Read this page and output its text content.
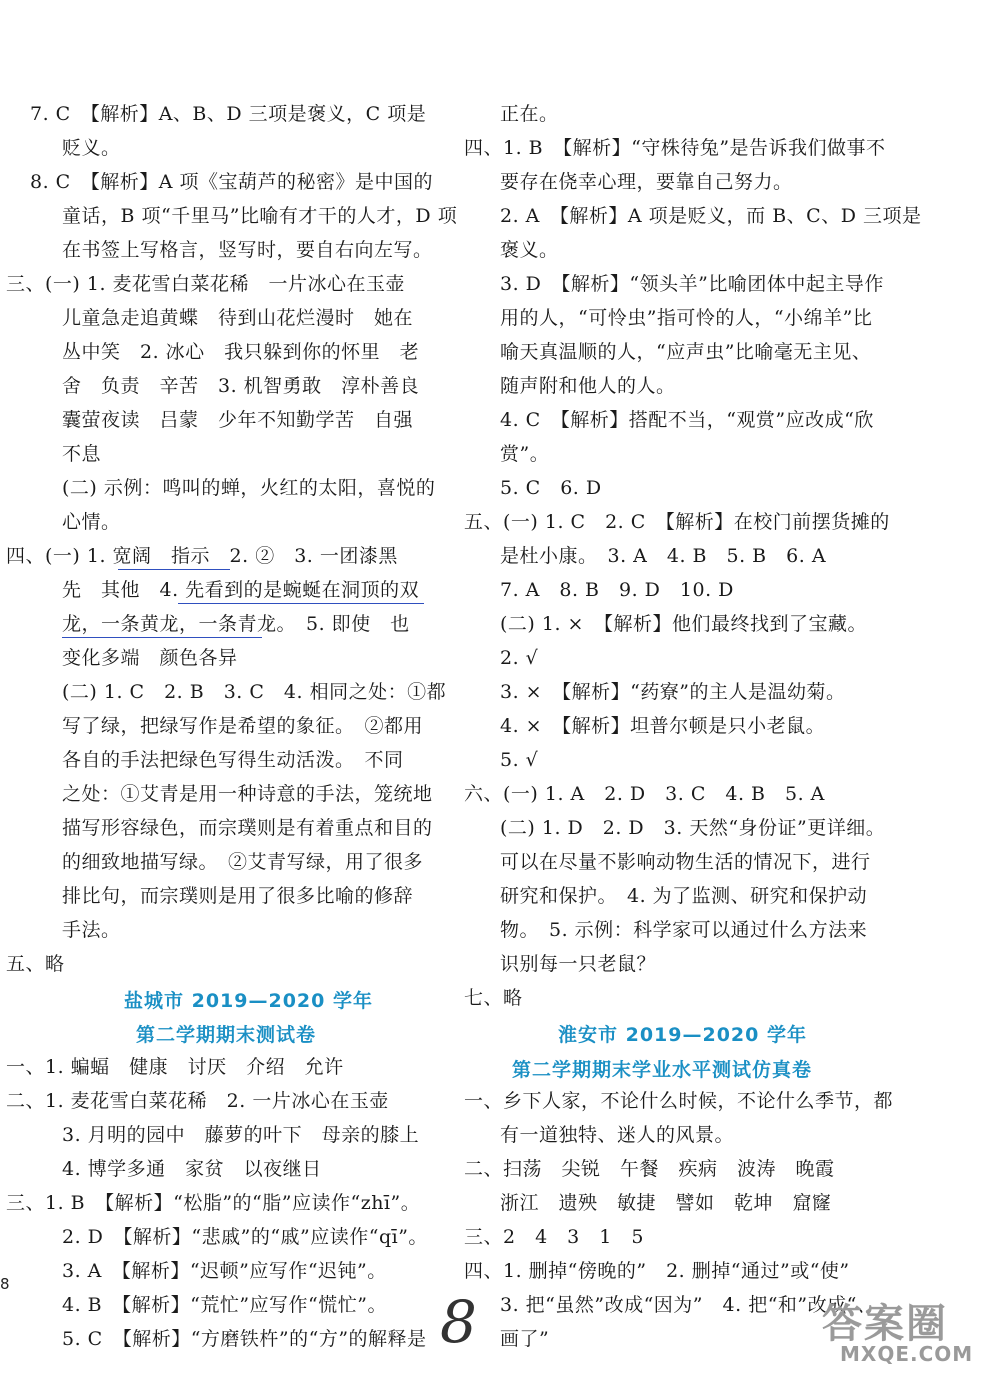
7. C　【解析】A、B、D 三项是褒义，C 项是
贬义。
8. C　【解析】A 项《宝葫芦的秘密》是中国的
童话，B 项“千里马”比喻有才干的人才，D 项
在书签上写格言，竖写时，要自右向左写。
三、(一) 1. 麦花雪白菜花稀　一片冰心在玉壶
儿童急走追黄蝶　待到山花烂漫时　她在
丛中笑　2. 冰心　我只躲到你的怀里　老
舍　负责　辛苦　3. 机智勇敢　淳朴善良
囊萤夜读　吕蒙　少年不知勤学苦　自强
不息
(二) 示例：鸣叫的蝉，火红的太阳，喜悦的
心情。
四、(一) 1. 宽阔　指示　2. ②　3. 一团漆黑
先　其他　4. 先看到的是蜿蜒在洞顶的双
龙，一条黄龙，一条青龙。　5. 即使　也
变化多端　颜色各异
(二) 1. C　2. B　3. C　4. 相同之处：①都
写了绿，把绿写作是希望的象征。　②都用
各自的手法把绿色写得生动活泼。　不同
之处：①艾青是用一种诗意的手法，笼统地
描写形容绿色，而宗璞则是有着重点和目的
的细致地描写绿。　②艾青写绿，用了很多
排比句，而宗璞则是用了很多比喻的修辞
手法。
五、略
盐城市 2019—2020 学年
第二学期期末测试卷
一、1. 蝙蝠　健康　讨厌　介绍　允许
二、1. 麦花雪白菜花稀　2. 一片冰心在玉壶
3. 月明的园中　藤萝的叶下　母亲的膝上
4. 博学多通　家贫　以夜继日
三、1. B　【解析】“松脂”的“脂”应读作“zhī”。
2. D　【解析】“悲戚”的“戚”应读作“qī”。
3. A　【解析】“迟顿”应写作“迟钝”。
4. B　【解析】“荒忙”应写作“慌忙”。
5. C　【解析】“方磨铁杵”的“方”的解释是
正在。
四、1. B　【解析】“守株待兔”是告诉我们做事不
要存在侥幸心理，要靠自己努力。
2. A　【解析】A 项是贬义，而 B、C、D 三项是
褒义。
3. D　【解析】“领头羊”比喻团体中起主导作
用的人，“可怜虫”指可怜的人，“小绵羊”比
喻天真温顺的人，“应声虫”比喻毫无主见、
随声附和他人的人。
4. C　【解析】搭配不当，“观赏”应改成“欣
赏”。
5. C　6. D
五、(一) 1. C　2. C　【解析】在校门前摆货摊的
是杜小康。　3. A　4. B　5. B　6. A
7. A　8. B　9. D　10. D
(二) 1. ×　【解析】他们最终找到了宝藏。
2. √
3. ×　【解析】“药寮”的主人是温幼菊。
4. ×　【解析】坦普尔顿是只小老鼠。
5. √
六、(一) 1. A　2. D　3. C　4. B　5. A
(二) 1. D　2. D　3. 天然“身份证”更详细。
可以在尽量不影响动物生活的情况下，进行
研究和保护。　4. 为了监测、研究和保护动
物。　5. 示例：科学家可以通过什么方法来
识别每一只老鼠？
七、略
淮安市 2019—2020 学年
第二学期期末学业水平测试仿真卷
一、乡下人家，不论什么时候，不论什么季节，都
有一道独特、迷人的风景。
二、扫荡　尖锐　午餐　疾病　波涛　晚霞
浙江　遗殃　敏捷　譬如　乾坤　窟窿
三、2　4　3　1　5
四、1. 删掉“傍晚的”　2. 删掉“通过”或“使”
3. 把“虽然”改成“因为”　4. 把“和”改成“、
画了”
8
8	答案圈
MXQE.COM
